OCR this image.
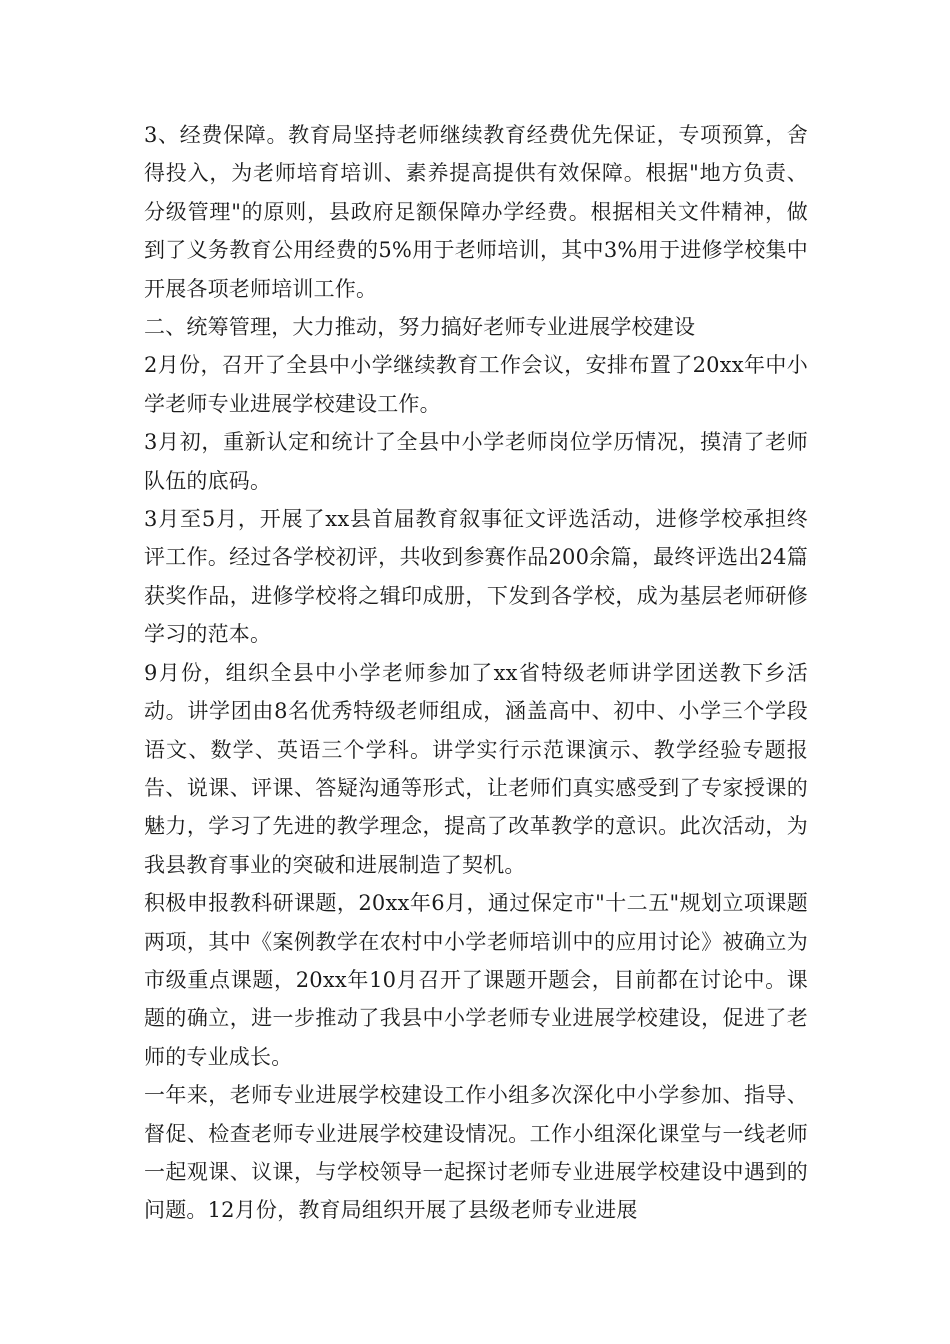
3、经费保障。教育局坚持老师继续教育经费优先保证，专项预算，舍得投入，为老师培育培训、素养提高提供有效保障。根据"地方负责、分级管理"的原则，县政府足额保障办学经费。根据相关文件精神，做到了义务教育公用经费的5%用于老师培训，其中3%用于进修学校集中开展各项老师培训工作。

二、统筹管理，大力推动，努力搞好老师专业进展学校建设

2月份，召开了全县中小学继续教育工作会议，安排布置了20xx年中小学老师专业进展学校建设工作。

3月初，重新认定和统计了全县中小学老师岗位学历情况，摸清了老师队伍的底码。

3月至5月，开展了xx县首届教育叙事征文评选活动，进修学校承担终评工作。经过各学校初评，共收到参赛作品200余篇，最终评选出24篇获奖作品，进修学校将之辑印成册，下发到各学校，成为基层老师研修学习的范本。

9月份，组织全县中小学老师参加了xx省特级老师讲学团送教下乡活动。讲学团由8名优秀特级老师组成，涵盖高中、初中、小学三个学段语文、数学、英语三个学科。讲学实行示范课演示、教学经验专题报告、说课、评课、答疑沟通等形式，让老师们真实感受到了专家授课的魅力，学习了先进的教学理念，提高了改革教学的意识。此次活动，为我县教育事业的突破和进展制造了契机。

积极申报教科研课题，20xx年6月，通过保定市"十二五"规划立项课题两项，其中《案例教学在农村中小学老师培训中的应用讨论》被确立为市级重点课题，20xx年10月召开了课题开题会，目前都在讨论中。课题的确立，进一步推动了我县中小学老师专业进展学校建设，促进了老师的专业成长。

一年来，老师专业进展学校建设工作小组多次深化中小学参加、指导、督促、检查老师专业进展学校建设情况。工作小组深化课堂与一线老师一起观课、议课，与学校领导一起探讨老师专业进展学校建设中遇到的问题。12月份，教育局组织开展了县级老师专业进展
